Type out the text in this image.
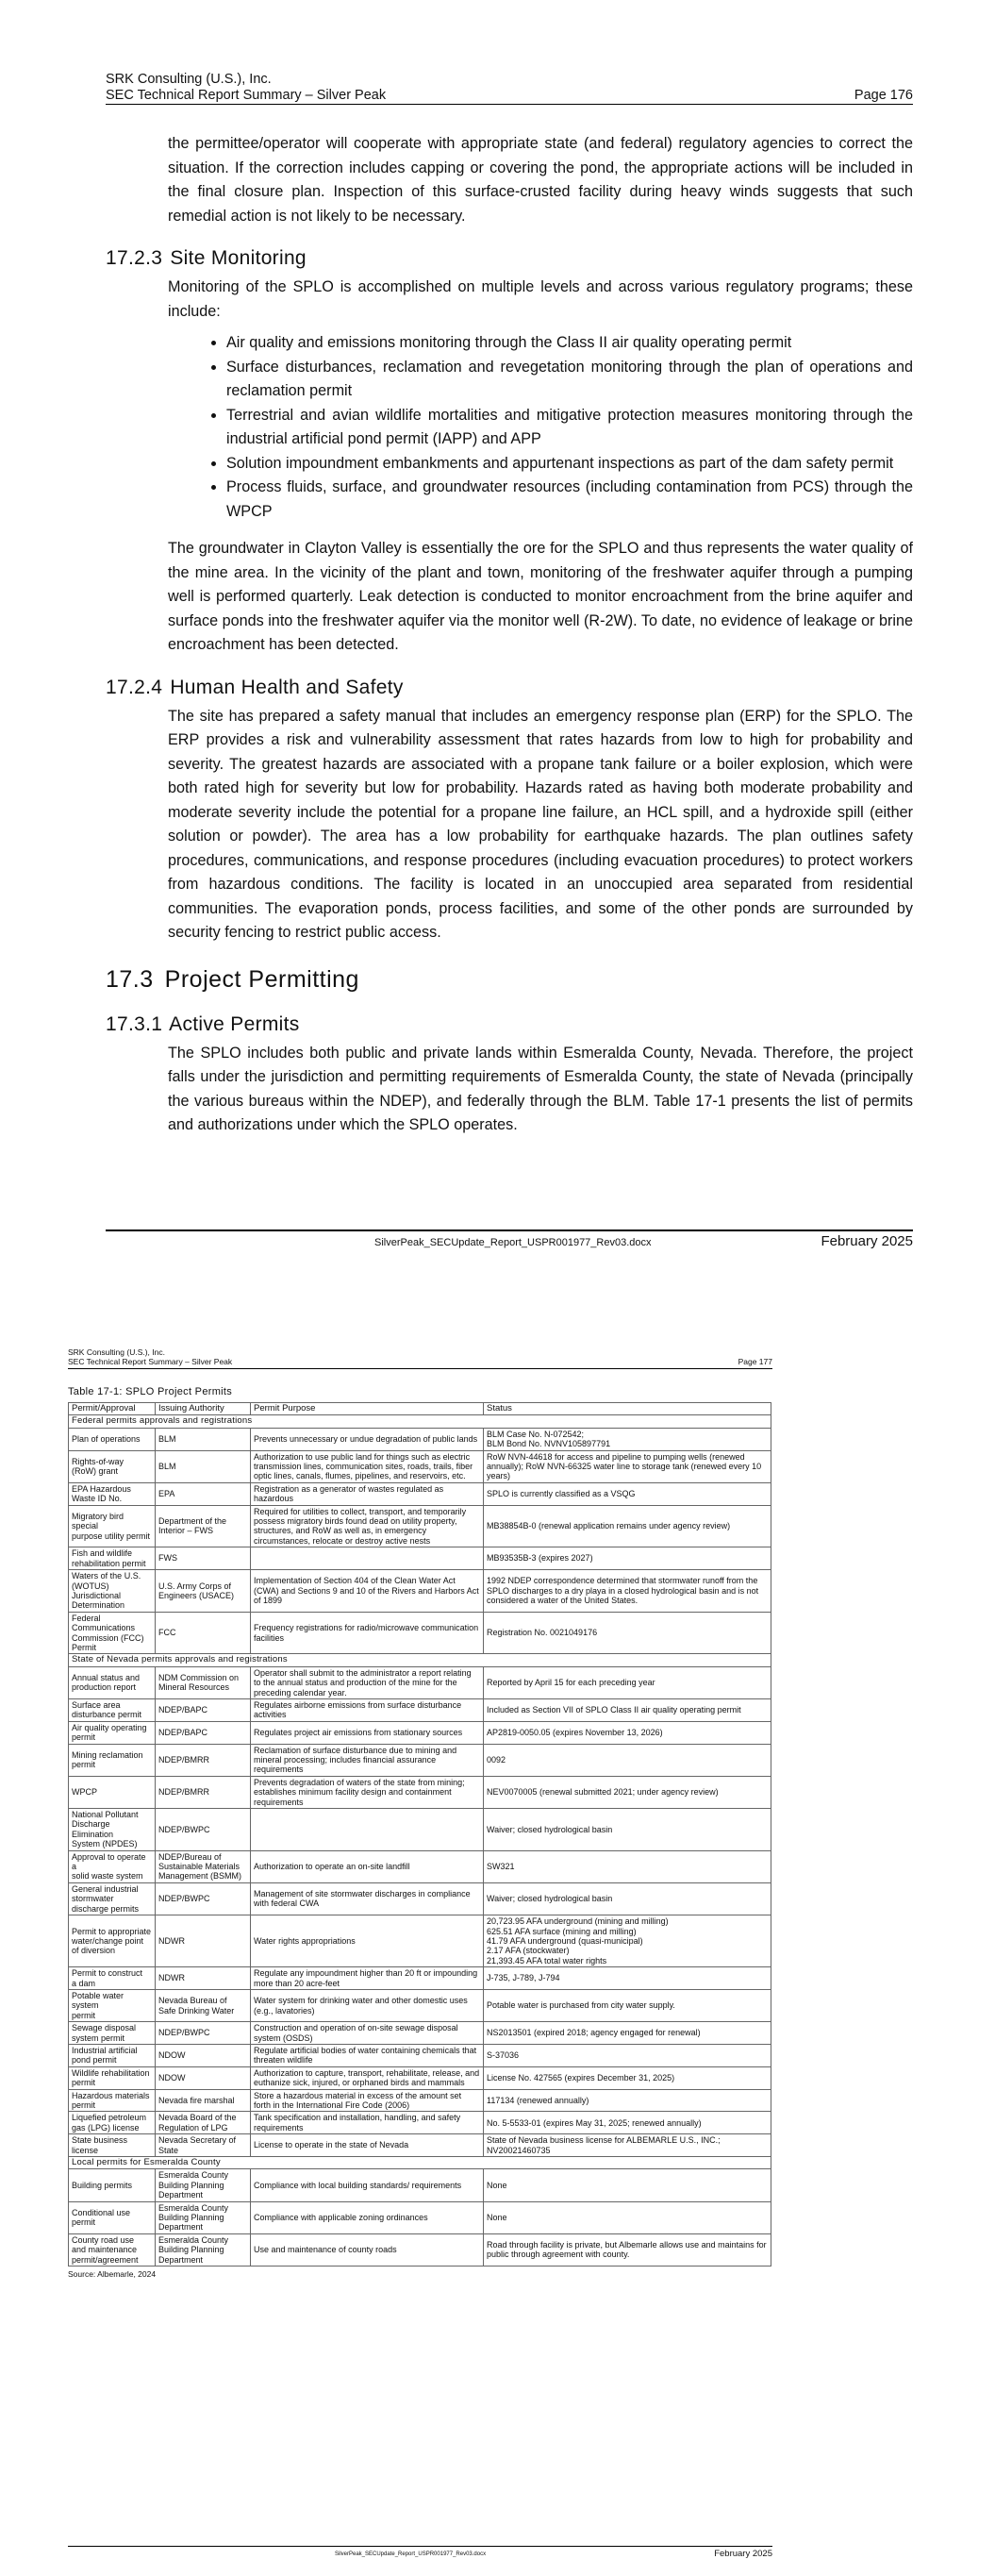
SRK Consulting (U.S.), Inc.
SEC Technical Report Summary – Silver Peak	Page 176

the permittee/operator will cooperate with appropriate state (and federal) regulatory agencies to correct the situation. If the correction includes capping or covering the pond, the appropriate actions will be included in the final closure plan. Inspection of this surface-crusted facility during heavy winds suggests that such remedial action is not likely to be necessary.

17.2.3 Site Monitoring

Monitoring of the SPLO is accomplished on multiple levels and across various regulatory programs; these include:

• Air quality and emissions monitoring through the Class II air quality operating permit
• Surface disturbances, reclamation and revegetation monitoring through the plan of operations and reclamation permit
• Terrestrial and avian wildlife mortalities and mitigative protection measures monitoring through the industrial artificial pond permit (IAPP) and APP
• Solution impoundment embankments and appurtenant inspections as part of the dam safety permit
• Process fluids, surface, and groundwater resources (including contamination from PCS) through the WPCP

The groundwater in Clayton Valley is essentially the ore for the SPLO and thus represents the water quality of the mine area. In the vicinity of the plant and town, monitoring of the freshwater aquifer through a pumping well is performed quarterly. Leak detection is conducted to monitor encroachment from the brine aquifer and surface ponds into the freshwater aquifer via the monitor well (R-2W). To date, no evidence of leakage or brine encroachment has been detected.

17.2.4 Human Health and Safety

The site has prepared a safety manual that includes an emergency response plan (ERP) for the SPLO. The ERP provides a risk and vulnerability assessment that rates hazards from low to high for probability and severity. The greatest hazards are associated with a propane tank failure or a boiler explosion, which were both rated high for severity but low for probability. Hazards rated as having both moderate probability and moderate severity include the potential for a propane line failure, an HCL spill, and a hydroxide spill (either solution or powder). The area has a low probability for earthquake hazards. The plan outlines safety procedures, communications, and response procedures (including evacuation procedures) to protect workers from hazardous conditions. The facility is located in an unoccupied area separated from residential communities. The evaporation ponds, process facilities, and some of the other ponds are surrounded by security fencing to restrict public access.

17.3 Project Permitting
17.3.1 Active Permits

The SPLO includes both public and private lands within Esmeralda County, Nevada. Therefore, the project falls under the jurisdiction and permitting requirements of Esmeralda County, the state of Nevada (principally the various bureaus within the NDEP), and federally through the BLM. Table 17-1 presents the list of permits and authorizations under which the SPLO operates.

SilverPeak_SECUpdate_Report_USPR001977_Rev03.docx	February 2025
SRK Consulting (U.S.), Inc.
SEC Technical Report Summary – Silver Peak	Page 177
Table 17-1: SPLO Project Permits
Permit/Approval	Issuing Authority	Permit Purpose	Status
Federal permits approvals and registrations			
Plan of operations	BLM	Prevents unnecessary or undue degradation of public lands	BLM Case No. N-072542;
BLM Bond No. NVNV105897791
Rights-of-way
(RoW) grant	BLM	Authorization to use public land for things such as electric transmission lines, communication sites, roads, trails, fiber optic lines, canals, flumes, pipelines, and reservoirs, etc.	RoW NVN-44618 for access and pipeline to pumping wells (renewed annually); RoW NVN-66325 water line to storage tank (renewed every 10 years)
EPA Hazardous
Waste ID No.	EPA	Registration as a generator of wastes regulated as hazardous	SPLO is currently classified as a VSQG
Migratory bird special
purpose utility permit	Department of the
Interior – FWS	Required for utilities to collect, transport, and temporarily possess migratory birds found dead on utility property, structures, and RoW as well as, in emergency circumstances, relocate or destroy active nests	MB38854B-0 (renewal application remains under agency review)
Fish and wildlife
rehabilitation permit	FWS		MB93535B-3 (expires 2027)
Waters of the U.S.
(WOTUS) Jurisdictional
Determination	U.S. Army Corps of
Engineers (USACE)	Implementation of Section 404 of the Clean Water Act (CWA) and Sections 9 and 10 of the Rivers and Harbors Act of 1899	1992 NDEP correspondence determined that stormwater runoff from the SPLO discharges to a dry playa in a closed hydrological basin and is not considered a water of the United States.
Federal
Communications
Commission (FCC)
Permit	FCC	Frequency registrations for radio/microwave communication facilities	Registration No. 0021049176
State of Nevada permits approvals and registrations			
Annual status and
production report	NDM Commission on
Mineral Resources	Operator shall submit to the administrator a report relating to the annual status and production of the mine for the preceding calendar year.	Reported by April 15 for each preceding year
Surface area
disturbance permit	NDEP/BAPC	Regulates airborne emissions from surface disturbance activities	Included as Section VII of SPLO Class II air quality operating permit
Air quality operating
permit	NDEP/BAPC	Regulates project air emissions from stationary sources	AP2819-0050.05 (expires November 13, 2026)
Mining reclamation
permit	NDEP/BMRR	Reclamation of surface disturbance due to mining and mineral processing; includes financial assurance requirements	0092
WPCP	NDEP/BMRR	Prevents degradation of waters of the state from mining; establishes minimum facility design and containment requirements	NEV0070005 (renewal submitted 2021; under agency review)
National Pollutant
Discharge Elimination
System (NPDES)	NDEP/BWPC		Waiver; closed hydrological basin
Approval to operate a
solid waste system	NDEP/Bureau of
Sustainable Materials
Management (BSMM)	Authorization to operate an on-site landfill	SW321
General industrial
stormwater
discharge permits	NDEP/BWPC	Management of site stormwater discharges in compliance with federal CWA	Waiver; closed hydrological basin
Permit to appropriate
water/change point
of diversion	NDWR	Water rights appropriations	20,723.95 AFA underground (mining and milling)
625.51 AFA surface (mining and milling)
41.79 AFA underground (quasi-municipal)
2.17 AFA (stockwater)
21,393.45 AFA total water rights
Permit to construct
a dam	NDWR	Regulate any impoundment higher than 20 ft or impounding more than 20 acre-feet	J-735, J-789, J-794
Potable water system
permit	Nevada Bureau of
Safe Drinking Water	Water system for drinking water and other domestic uses (e.g., lavatories)	Potable water is purchased from city water supply.
Sewage disposal
system permit	NDEP/BWPC	Construction and operation of on-site sewage disposal system (OSDS)	NS2013501 (expired 2018; agency engaged for renewal)
Industrial artificial
pond permit	NDOW	Regulate artificial bodies of water containing chemicals that threaten wildlife	S-37036
Wildlife rehabilitation
permit	NDOW	Authorization to capture, transport, rehabilitate, release, and euthanize sick, injured, or orphaned birds and mammals	License No. 427565 (expires December 31, 2025)
Hazardous materials
permit	Nevada fire marshal	Store a hazardous material in excess of the amount set forth in the International Fire Code (2006)	117134 (renewed annually)
Liquefied petroleum
gas (LPG) license	Nevada Board of the
Regulation of LPG	Tank specification and installation, handling, and safety requirements	No. 5-5533-01 (expires May 31, 2025; renewed annually)
State business
license	Nevada Secretary of
State	License to operate in the state of Nevada	State of Nevada business license for ALBEMARLE U.S., INC.; NV20021460735
Local permits for Esmeralda County			
Building permits	Esmeralda County
Building Planning
Department	Compliance with local building standards/ requirements	None
Conditional use
permit	Esmeralda County
Building Planning
Department	Compliance with applicable zoning ordinances	None
County road use
and maintenance
permit/agreement	Esmeralda County
Building Planning
Department	Use and maintenance of county roads	Road through facility is private, but Albemarle allows use and maintains for public through agreement with county.
Source: Albemarle, 2024
SilverPeak_SECUpdate_Report_USPR001977_Rev03.docx	February 2025
